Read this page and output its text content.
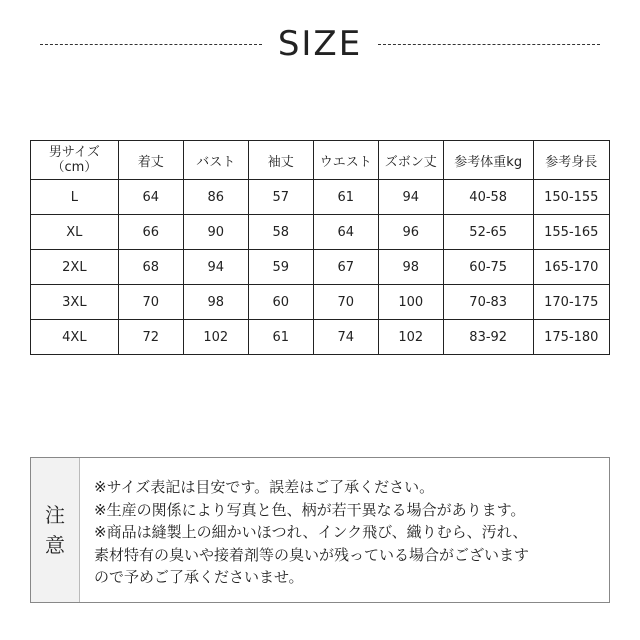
SIZE
男サイズ
（cm）	着丈	バスト	袖丈	ウエスト	ズボン丈	参考体重kg	参考身長
L	64	86	57	61	94	40-58	150-155
XL	66	90	58	64	96	52-65	155-165
2XL	68	94	59	67	98	60-75	165-170
3XL	70	98	60	70	100	70-83	170-175
4XL	72	102	61	74	102	83-92	175-180
注
意
※サイズ表記は目安です。誤差はご了承ください。
※生産の関係により写真と色、柄が若干異なる場合があります。
※商品は縫製上の細かいほつれ、インク飛び、織りむら、汚れ、
素材特有の臭いや接着剤等の臭いが残っている場合がございます
ので予めご了承くださいませ。
